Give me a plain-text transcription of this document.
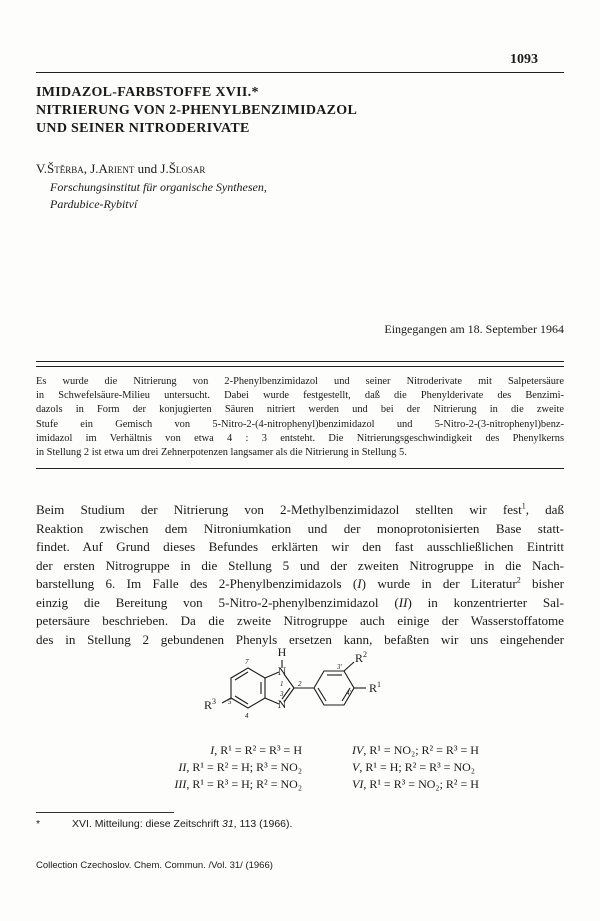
1093
IMIDAZOL-FARBSTOFFE XVII.*
NITRIERUNG VON 2-PHENYLBENZIMIDAZOL
UND SEINER NITRODERIVATE
V.Štěrba, J.Arient und J.Šlosar
Forschungsinstitut für organische Synthesen,
Pardubice-Rybitví
Eingegangen am 18. September 1964
Es wurde die Nitrierung von 2-Phenylbenzimidazol und seiner Nitroderivate mit Salpetersäure
in Schwefelsäure-Milieu untersucht. Dabei wurde festgestellt, daß die Phenylderivate des Benzimi-
dazols in Form der konjugierten Säuren nitriert werden und bei der Nitrierung in die zweite
Stufe ein Gemisch von 5-Nitro-2-(4-nitrophenyl)benzimidazol und 5-Nitro-2-(3-nitrophenyl)benz-
imidazol im Verhältnis von etwa 4 : 3 entsteht. Die Nitrierungsgeschwindigkeit des Phenylkerns
in Stellung 2 ist etwa um drei Zehnerpotenzen langsamer als die Nitrierung in Stellung 5.
Beim Studium der Nitrierung von 2-Methylbenzimidazol stellten wir fest$^1$, daß
Reaktion zwischen dem Nitroniumkation und der monoprotonisierten Base statt-
findet. Auf Grund dieses Befundes erklärten wir den fast ausschließlichen Eintritt
der ersten Nitrogruppe in die Stellung 5 und der zweiten Nitrogruppe in die Nach-
barstellung 6. Im Falle des 2-Phenylbenzimidazols (I) wurde in der Literatur$^2$ bisher
einzig die Bereitung von 5-Nitro-2-phenylbenzimidazol (II) in konzentrierter Sal-
petersäure beschrieben. Da die zweite Nitrogruppe auch einige der Wasserstoffatome
des in Stellung 2 gebundenen Phenyls ersetzen kann, befaßten wir uns eingehender
H
N
N
1 2
3
4
5
7
3'
4'
$R^2$
$R^1$
$R^3$
I, R¹ = R² = R³ = H	IV, R¹ = NO₂; R² = R³ = H
II, R¹ = R² = H; R³ = NO₂	V, R¹ = H; R² = R³ = NO₂
III, R¹ = R³ = H; R² = NO₂	VI, R¹ = R³ = NO₂; R² = H
*	XVI. Mitteilung: diese Zeitschrift 31, 113 (1966).
Collection Czechoslov. Chem. Commun. /Vol. 31/ (1966)
